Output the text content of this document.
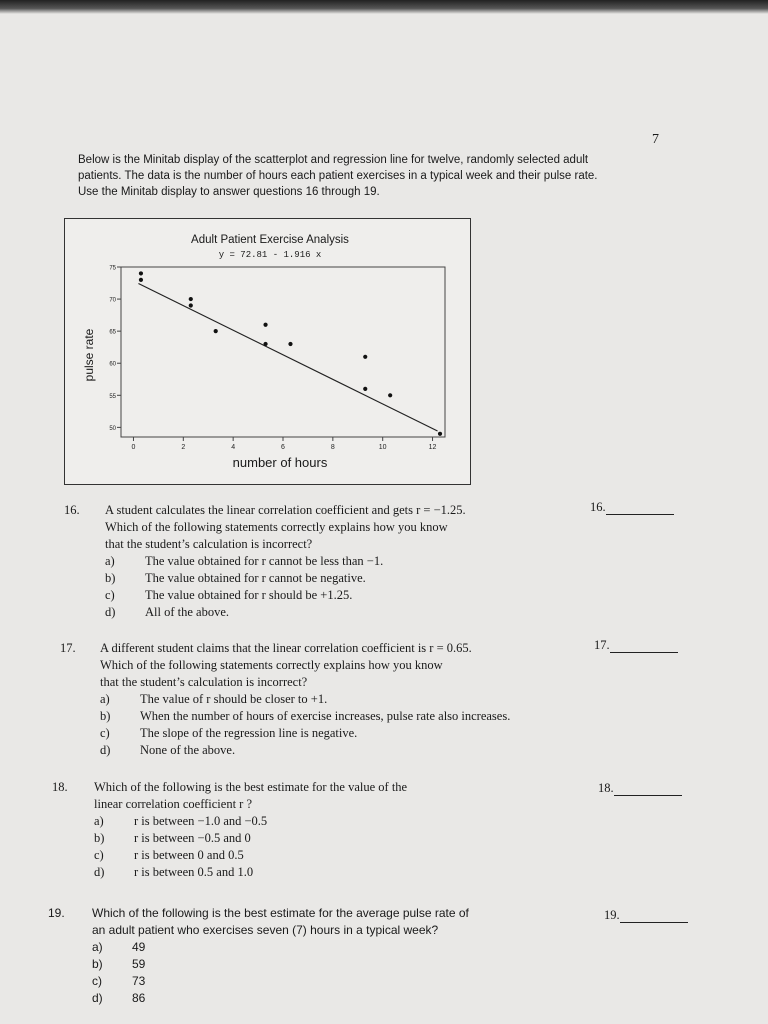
7
Below is the Minitab display of the scatterplot and regression line for twelve, randomly selected adult
patients. The data is the number of hours each patient exercises in a typical week and their pulse rate.
Use the Minitab display to answer questions 16 through 19.
Adult Patient Exercise Analysis
y = 72.81 - 1.916 x
0	2	4	6	8	10	12
75
70
65
60
55
50
pulse rate
number of hours
16. A student calculates the linear correlation coefficient and gets r = −1.25.
Which of the following statements correctly explains how you know
that the student’s calculation is incorrect?
a)	The value obtained for r cannot be less than −1.
b)	The value obtained for r cannot be negative.
c)	The value obtained for r should be +1.25.
d)	All of the above.
16.
17. A different student claims that the linear correlation coefficient is r = 0.65.
Which of the following statements correctly explains how you know
that the student’s calculation is incorrect?
a)	The value of r should be closer to +1.
b)	When the number of hours of exercise increases, pulse rate also increases.
c)	The slope of the regression line is negative.
d)	None of the above.
17.
18. Which of the following is the best estimate for the value of the
linear correlation coefficient r ?
a)	r is between −1.0 and −0.5
b)	r is between −0.5 and 0
c)	r is between 0 and 0.5
d)	r is between 0.5 and 1.0
18.
19. Which of the following is the best estimate for the average pulse rate of
an adult patient who exercises seven (7) hours in a typical week?
a)	49
b)	59
c)	73
d)	86
19.
